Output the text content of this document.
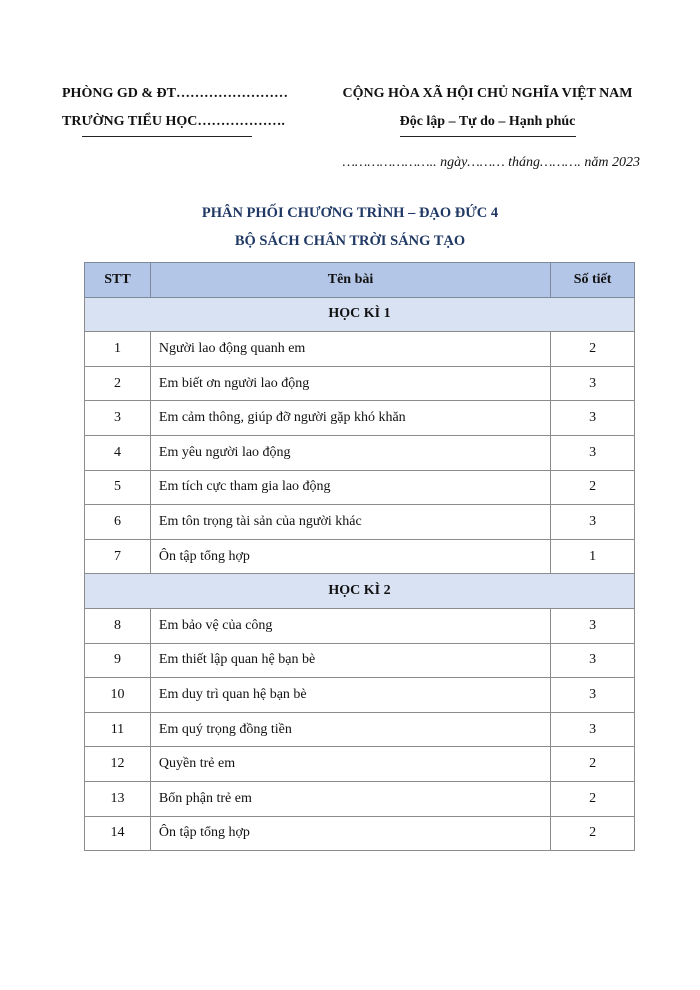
PHÒNG GD & ĐT……………………
TRƯỜNG TIỂU HỌC……………….
CỘNG HÒA XÃ HỘI CHỦ NGHĨA VIỆT NAM
Độc lập – Tự do – Hạnh phúc
………………….. ngày……… tháng………. năm 2023
PHÂN PHỐI CHƯƠNG TRÌNH – ĐẠO ĐỨC 4
BỘ SÁCH CHÂN TRỜI SÁNG TẠO
STT	Tên bài	Số tiết
HỌC KÌ 1		
1	Người lao động quanh em	2
2	Em biết ơn người lao động	3
3	Em cảm thông, giúp đỡ người gặp khó khăn	3
4	Em yêu người lao động	3
5	Em tích cực tham gia lao động	2
6	Em tôn trọng tài sản của người khác	3
7	Ôn tập tổng hợp	1
HỌC KÌ 2		
8	Em bảo vệ của công	3
9	Em thiết lập quan hệ bạn bè	3
10	Em duy trì quan hệ bạn bè	3
11	Em quý trọng đồng tiền	3
12	Quyền trẻ em	2
13	Bổn phận trẻ em	2
14	Ôn tập tổng hợp	2
